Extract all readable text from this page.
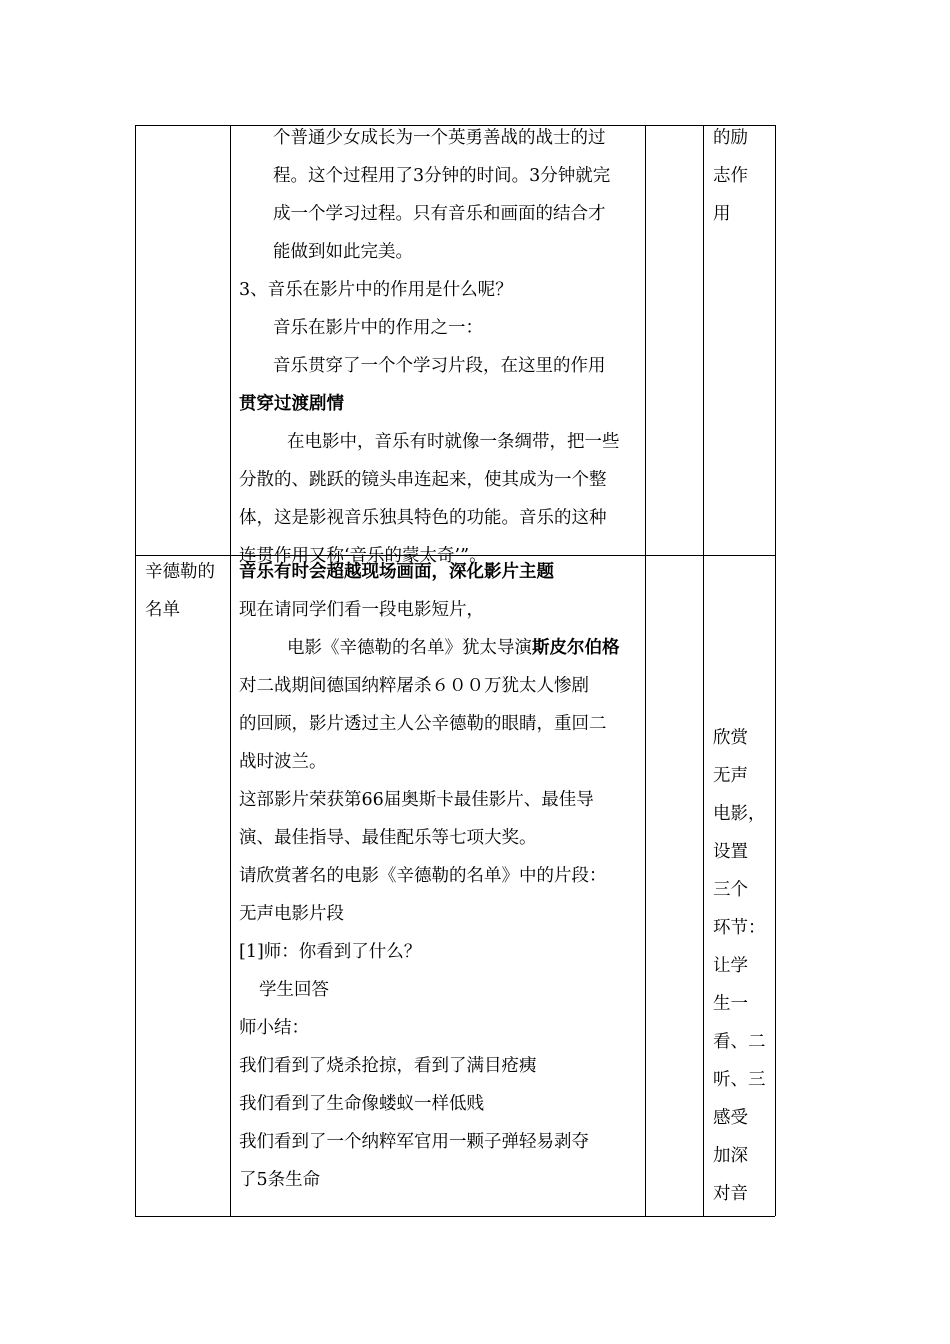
个普通少女成长为一个英勇善战的战士的过
程。这个过程用了3分钟的时间。3分钟就完
成一个学习过程。只有音乐和画面的结合才
能做到如此完美。
3、音乐在影片中的作用是什么呢？
音乐在影片中的作用之一：
音乐贯穿了一个个学习片段，在这里的作用
贯穿过渡剧情
在电影中，音乐有时就像一条绸带，把一些
分散的、跳跃的镜头串连起来，使其成为一个整
体，这是影视音乐独具特色的功能。音乐的这种
连贯作用又称‘音乐的蒙太奇’”。
的励
志作
用
辛德勒的
名单
音乐有时会超越现场画面，深化影片主题
现在请同学们看一段电影短片，
电影《辛德勒的名单》犹太导演斯皮尔伯格
对二战期间德国纳粹屠杀６００万犹太人惨剧
的回顾，影片透过主人公辛德勒的眼睛，重回二
战时波兰。
这部影片荣获第66届奥斯卡最佳影片、最佳导
演、最佳指导、最佳配乐等七项大奖。
请欣赏著名的电影《辛德勒的名单》中的片段：
无声电影片段
[1]师：你看到了什么？
学生回答
师小结：
我们看到了烧杀抢掠，看到了满目疮痍
我们看到了生命像蝼蚁一样低贱
我们看到了一个纳粹军官用一颗子弹轻易剥夺
了5条生命
欣赏
无声
电影，
设置
三个
环节：
让学
生一
看、二
听、三
感受
加深
对音
